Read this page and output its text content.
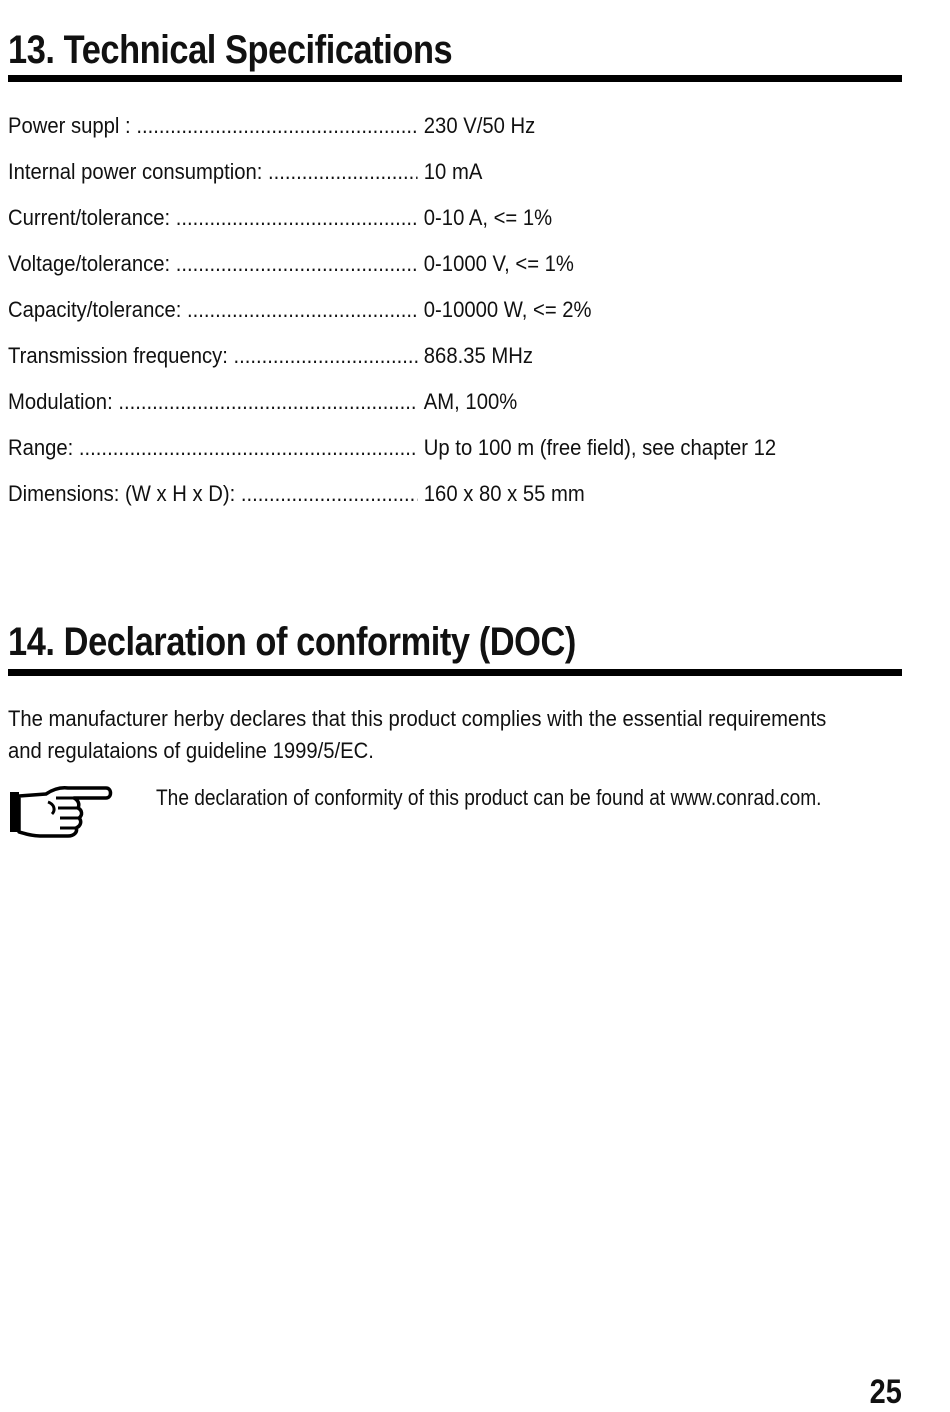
13. Technical Specifications
Power suppl : .....	230 V/50 Hz
Internal power consumption: .....	10 mA
Current/tolerance: .....	0-10 A, <= 1%
Voltage/tolerance: .....	0-1000 V, <= 1%
Capacity/tolerance: .....	0-10000 W, <= 2%
Transmission frequency: .....	868.35 MHz
Modulation: .....	AM, 100%
Range: .....	Up to 100 m (free field), see chapter 12
Dimensions: (W x H x D): .....	160 x 80 x 55 mm
14. Declaration of conformity (DOC)
The manufacturer herby declares that this product complies with the essential requirements
and regulataions of guideline 1999/5/EC.
The declaration of conformity of this product can be found at www.conrad.com.
25
